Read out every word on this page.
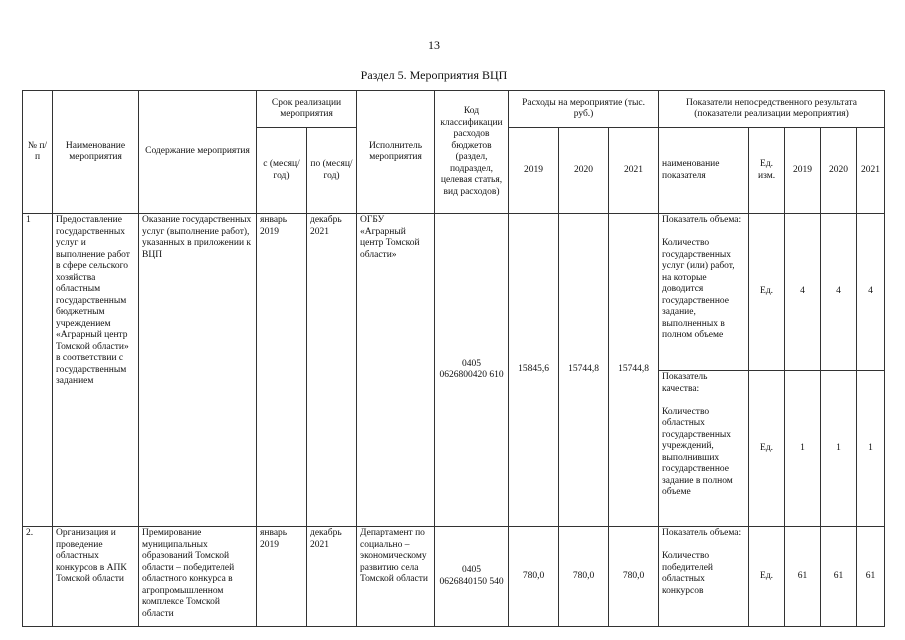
13
Раздел 5. Мероприятия ВЦП
№ п/п	Наименование мероприятия	Содержание мероприятия	Срок реализации мероприятия		Исполнитель мероприятия	Код классификации расходов бюджетов (раздел, подраздел, целевая статья, вид расходов)	Расходы на мероприятие (тыс. руб.)			Показатели непосредственного результата (показатели реализации мероприятия)				
			с (месяц/ год)	по (месяц/ год)			2019	2020	2021	наименование показателя	Ед. изм.	2019	2020	2021
1	Предоставление государственных услуг и выполнение работ в сфере сельского хозяйства областным государственным бюджетным учреждением «Аграрный центр Томской области» в соответствии с государственным заданием	Оказание государственных услуг (выполнение работ), указанных в приложении к ВЦП	январь 2019	декабрь 2021	ОГБУ «Аграрный центр Томской области»	0405 0626800420 610	15845,6	15744,8	15744,8	Показатель объема:

Количество государственных услуг (или) работ, на которые доводится государственное задание, выполненных в полном объеме	Ед.	4	4	4
										Показатель качества:

Количество областных государственных учреждений, выполнивших государственное задание в полном объеме	Ед.	1	1	1
2.	Организация и проведение областных конкурсов в АПК Томской области	Премирование муниципальных образований Томской области – победителей областного конкурса в агропромышленном комплексе Томской области	январь 2019	декабрь 2021	Департамент по социально – экономическому развитию села Томской области	0405 0626840150 540	780,0	780,0	780,0	Показатель объема:

Количество победителей областных конкурсов	Ед.	61	61	61
